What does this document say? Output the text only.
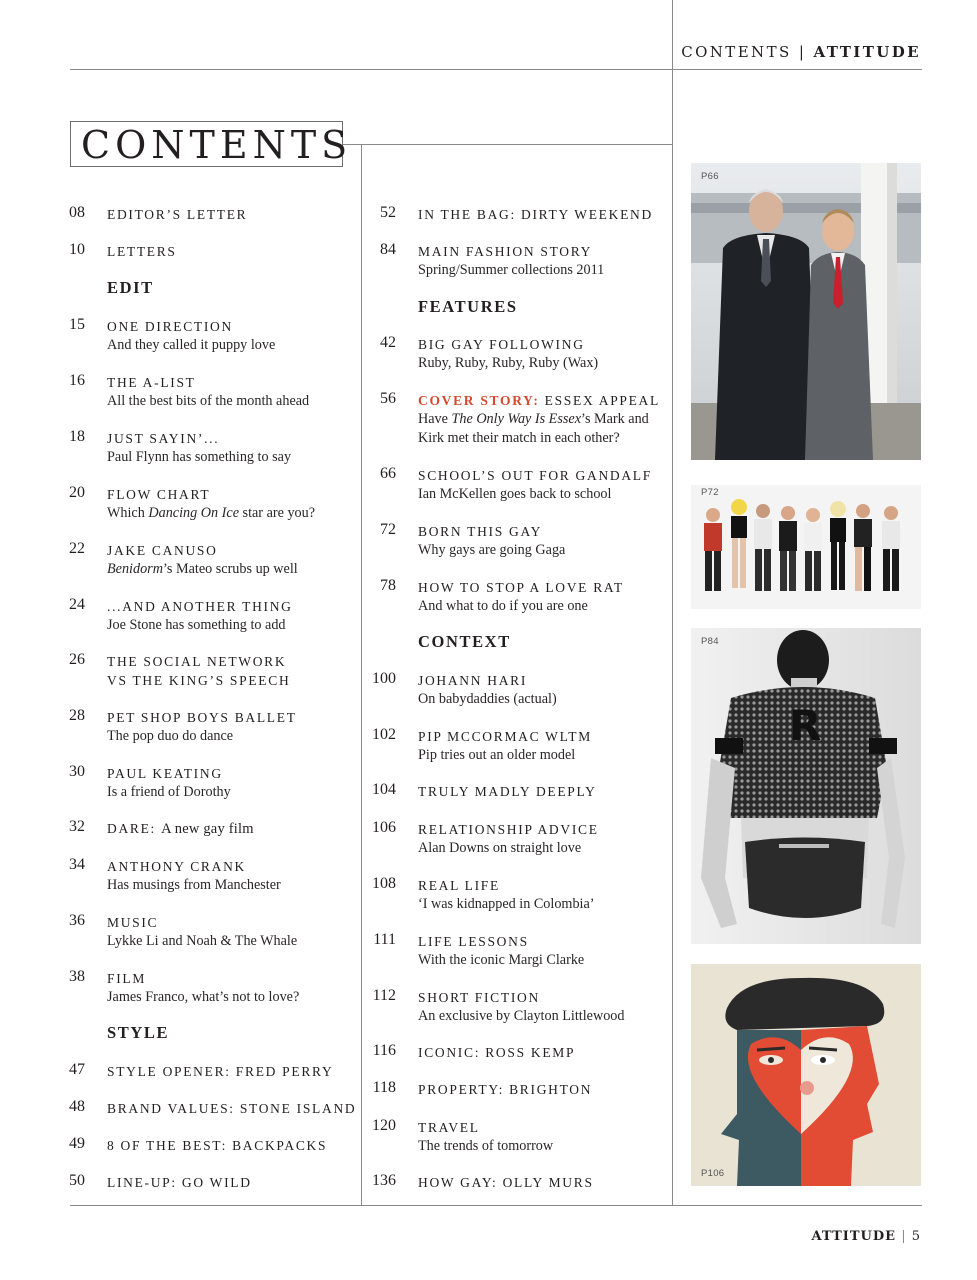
CONTENTS | ATTITUDE
CONTENTS
08 EDITOR’S LETTER
10 LETTERS
EDIT
15 ONE DIRECTION
And they called it puppy love
16 THE A-LIST
All the best bits of the month ahead
18 JUST SAYIN’...
Paul Flynn has something to say
20 FLOW CHART
Which Dancing On Ice star are you?
22 JAKE CANUSO
Benidorm’s Mateo scrubs up well
24 ...AND ANOTHER THING
Joe Stone has something to add
26 THE SOCIAL NETWORK
VS THE KING’S SPEECH
28 PET SHOP BOYS BALLET
The pop duo do dance
30 PAUL KEATING
Is a friend of Dorothy
32 DARE: A new gay film
34 ANTHONY CRANK
Has musings from Manchester
36 MUSIC
Lykke Li and Noah & The Whale
38 FILM
James Franco, what’s not to love?
STYLE
47 STYLE OPENER: FRED PERRY
48 BRAND VALUES: STONE ISLAND
49 8 OF THE BEST: BACKPACKS
50 LINE-UP: GO WILD
52 IN THE BAG: DIRTY WEEKEND
84 MAIN FASHION STORY
Spring/Summer collections 2011
FEATURES
42 BIG GAY FOLLOWING
Ruby, Ruby, Ruby, Ruby (Wax)
56 COVER STORY: ESSEX APPEAL
Have The Only Way Is Essex’s Mark and
Kirk met their match in each other?
66 SCHOOL’S OUT FOR GANDALF
Ian McKellen goes back to school
72 BORN THIS GAY
Why gays are going Gaga
78 HOW TO STOP A LOVE RAT
And what to do if you are one
CONTEXT
100 JOHANN HARI
On babydaddies (actual)
102 PIP MCCORMAC WLTM
Pip tries out an older model
104 TRULY MADLY DEEPLY
106 RELATIONSHIP ADVICE
Alan Downs on straight love
108 REAL LIFE
‘I was kidnapped in Colombia’
111 LIFE LESSONS
With the iconic Margi Clarke
112 SHORT FICTION
An exclusive by Clayton Littlewood
116 ICONIC: ROSS KEMP
118 PROPERTY: BRIGHTON
120 TRAVEL
The trends of tomorrow
136 HOW GAY: OLLY MURS
P66
P72
R
P84
P106
ATTITUDE | 5
